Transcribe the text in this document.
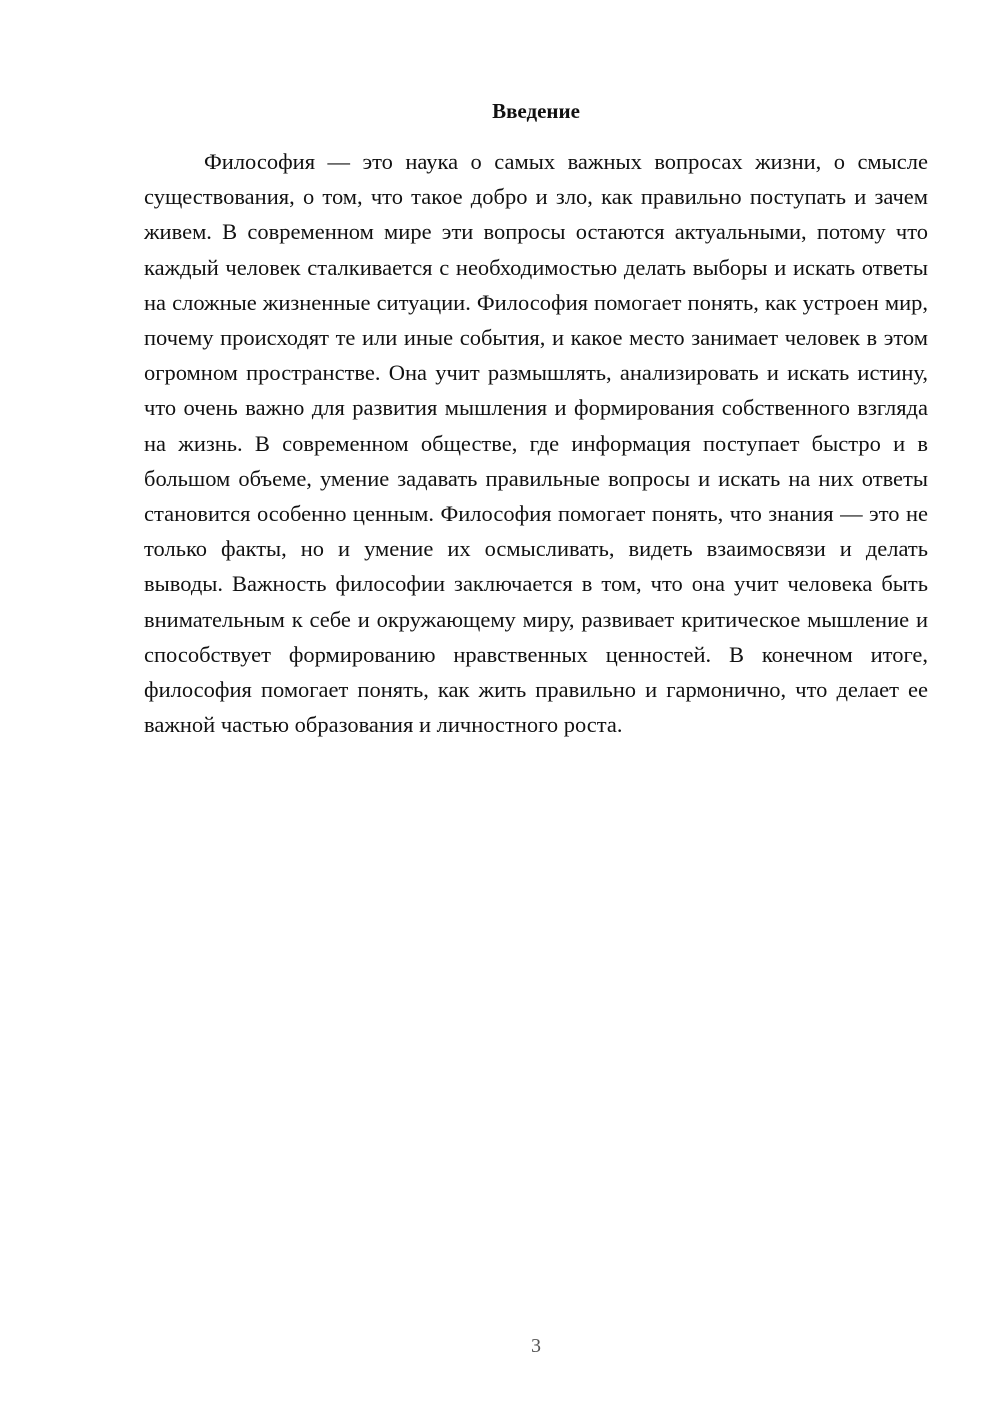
Введение

Философия — это наука о самых важных вопросах жизни, о смысле существования, о том, что такое добро и зло, как правильно поступать и зачем живем. В современном мире эти вопросы остаются актуальными, потому что каждый человек сталкивается с необходимостью делать выборы и искать ответы на сложные жизненные ситуации. Философия помогает понять, как устроен мир, почему происходят те или иные события, и какое место занимает человек в этом огромном пространстве. Она учит размышлять, анализировать и искать истину, что очень важно для развития мышления и формирования собственного взгляда на жизнь. В современном обществе, где информация поступает быстро и в большом объеме, умение задавать правильные вопросы и искать на них ответы становится особенно ценным. Философия помогает понять, что знания — это не только факты, но и умение их осмысливать, видеть взаимосвязи и делать выводы. Важность философии заключается в том, что она учит человека быть внимательным к себе и окружающему миру, развивает критическое мышление и способствует формированию нравственных ценностей. В конечном итоге, философия помогает понять, как жить правильно и гармонично, что делает ее важной частью образования и личностного роста.

3
